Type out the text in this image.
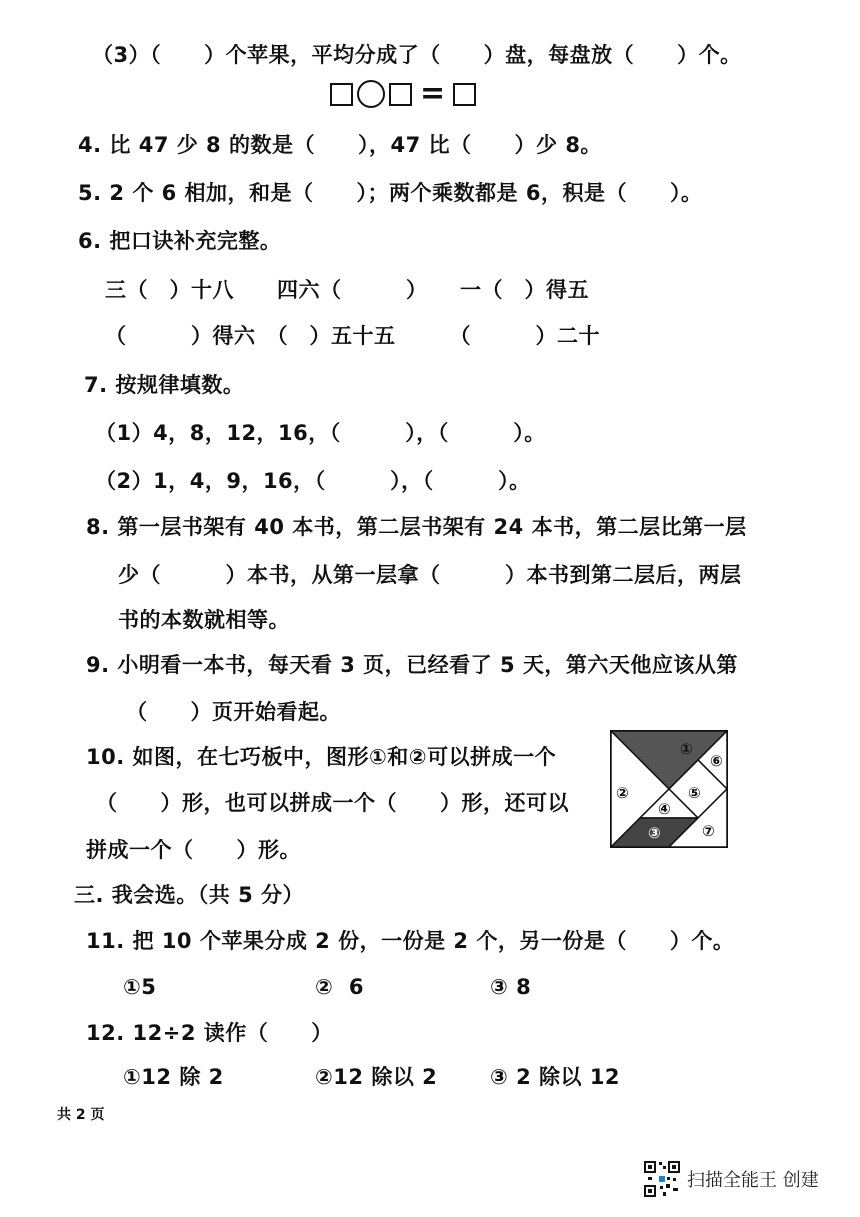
（3）（　　）个苹果，平均分成了（　　）盘，每盘放（　　）个。
=
4. 比 47 少 8 的数是（　　），47 比（　　）少 8。
5. 2 个 6 相加，和是（　　）；两个乘数都是 6，积是（　　）。
6. 把口诀补充完整。
三（　）十八　　四六（　　　）　　一（　）得五
（　　　）得六　（　）五十五　　　（　　　）二十
7. 按规律填数。
（1）4，8，12，16，（　　　），（　　　）。
（2）1，4，9，16，（　　　），（　　　）。
8. 第一层书架有 40 本书，第二层书架有 24 本书，第二层比第一层
少（　　　）本书，从第一层拿（　　　）本书到第二层后，两层
书的本数就相等。
9. 小明看一本书，每天看 3 页，已经看了 5 天，第六天他应该从第
（　　）页开始看起。
10. 如图，在七巧板中，图形①和②可以拼成一个
（　　）形，也可以拼成一个（　　）形，还可以
拼成一个（　　）形。
①
②
④
⑤
⑥
⑦
③
三. 我会选。（共 5 分）
11. 把 10 个苹果分成 2 份，一份是 2 个，另一份是（　　）个。
①5	②  6	③ 8
12. 12÷2 读作（　　）
①12 除 2	②12 除以 2	③ 2 除以 12
共 2 页
扫描全能王 创建
